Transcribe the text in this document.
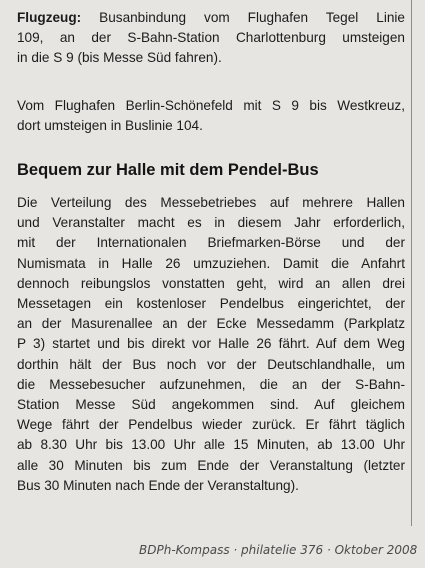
Flugzeug: Busanbindung vom Flughafen Tegel Linie
109, an der S-Bahn-Station Charlottenburg umsteigen
in die S 9 (bis Messe Süd fahren).
Vom Flughafen Berlin-Schönefeld mit S 9 bis Westkreuz,
dort umsteigen in Buslinie 104.
Bequem zur Halle mit dem Pendel-Bus
Die Verteilung des Messebetriebes auf mehrere Hallen
und Veranstalter macht es in diesem Jahr erforderlich,
mit der Internationalen Briefmarken-Börse und der
Numismata in Halle 26 umzuziehen. Damit die Anfahrt
dennoch reibungslos vonstatten geht, wird an allen drei
Messetagen ein kostenloser Pendelbus eingerichtet, der
an der Masurenallee an der Ecke Messedamm (Parkplatz
P 3) startet und bis direkt vor Halle 26 fährt. Auf dem Weg
dorthin hält der Bus noch vor der Deutschlandhalle, um
die Messebesucher aufzunehmen, die an der S-Bahn-
Station Messe Süd angekommen sind. Auf gleichem
Wege fährt der Pendelbus wieder zurück. Er fährt täglich
ab 8.30 Uhr bis 13.00 Uhr alle 15 Minuten, ab 13.00 Uhr
alle 30 Minuten bis zum Ende der Veranstaltung (letzter
Bus 30 Minuten nach Ende der Veranstaltung).
BDPh-Kompass · philatelie 376 · Oktober 2008
